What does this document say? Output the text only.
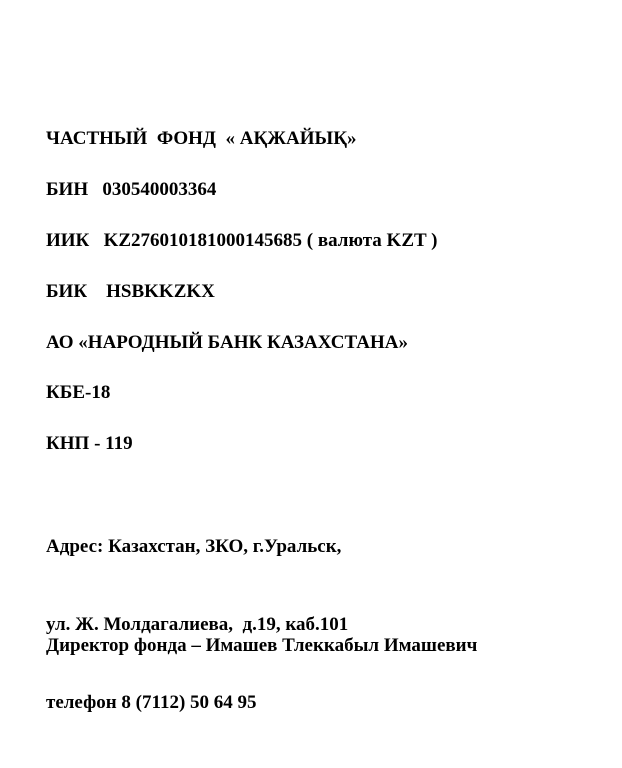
ЧАСТНЫЙ  ФОНД  « АҚЖАЙЫҚ»
БИН   030540003364
ИИК   KZ276010181000145685 ( валюта KZT )
БИК    HSBKKZKX
АО «НАРОДНЫЙ БАНК КАЗАХСТАНА»
КБЕ-18
КНП - 119

Адрес: Казахстан, ЗКО, г.Уральск,

ул. Ж. Молдагалиева,  д.19, каб.101

телефон 8 (7112) 50 64 95

Директор фонда – Имашев Тлеккабыл Имашевич
